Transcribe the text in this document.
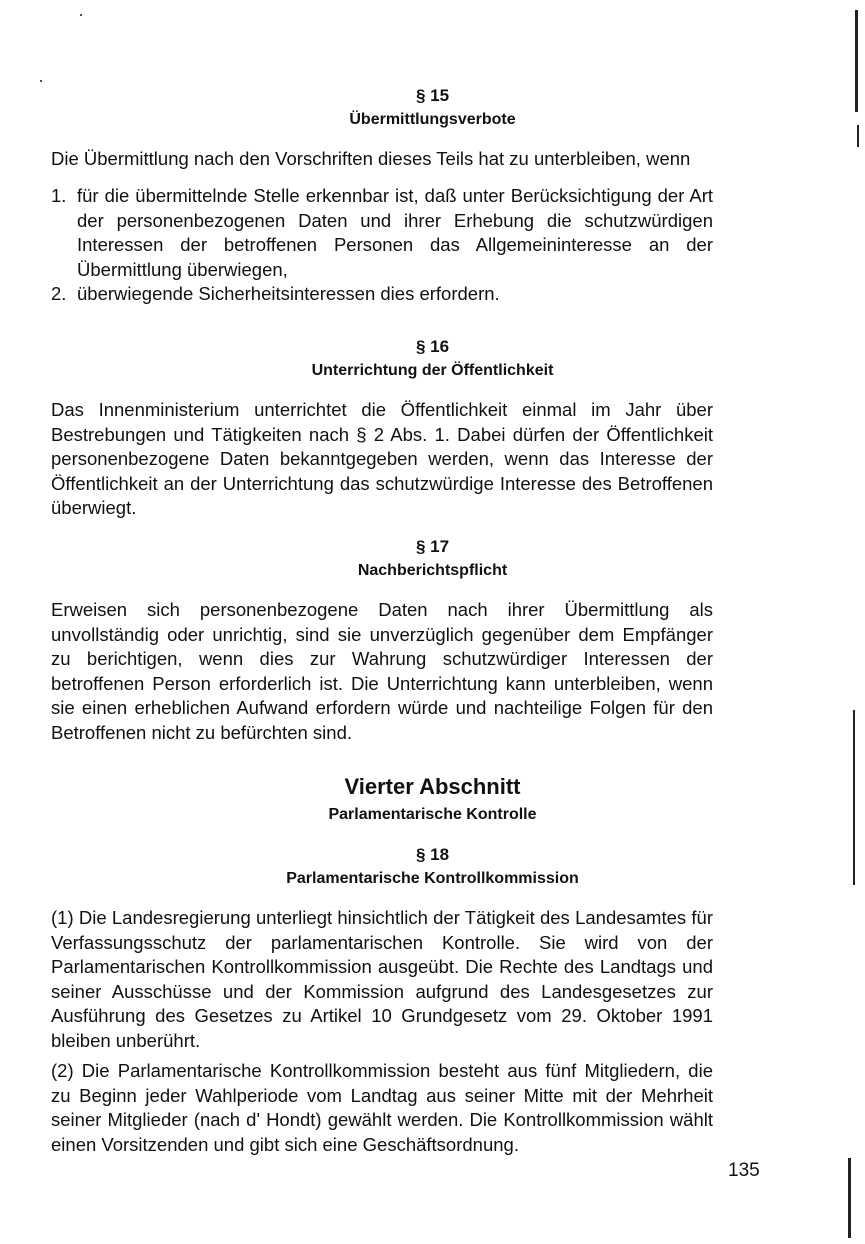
§ 15
Übermittlungsverbote

Die Übermittlung nach den Vorschriften dieses Teils hat zu unterbleiben, wenn

1. für die übermittelnde Stelle erkennbar ist, daß unter Berücksichtigung der Art der personenbezogenen Daten und ihrer Erhebung die schutzwürdigen Interessen der betroffenen Personen das Allgemeininteresse an der Übermittlung überwiegen,
2. überwiegende Sicherheitsinteressen dies erfordern.
§ 16
Unterrichtung der Öffentlichkeit

Das Innenministerium unterrichtet die Öffentlichkeit einmal im Jahr über Bestrebungen und Tätigkeiten nach § 2 Abs. 1. Dabei dürfen der Öffentlichkeit personenbezogene Daten bekanntgegeben werden, wenn das Interesse der Öffentlichkeit an der Unterrichtung das schutzwürdige Interesse des Betroffenen überwiegt.

§ 17
Nachberichtspflicht

Erweisen sich personenbezogene Daten nach ihrer Übermittlung als unvollständig oder unrichtig, sind sie unverzüglich gegenüber dem Empfänger zu berichtigen, wenn dies zur Wahrung schutzwürdiger Interessen der betroffenen Person erforderlich ist. Die Unterrichtung kann unterbleiben, wenn sie einen erheblichen Aufwand erfordern würde und nachteilige Folgen für den Betroffenen nicht zu befürchten sind.

Vierter Abschnitt
Parlamentarische Kontrolle
§ 18
Parlamentarische Kontrollkommission

(1) Die Landesregierung unterliegt hinsichtlich der Tätigkeit des Landesamtes für Verfassungsschutz der parlamentarischen Kontrolle. Sie wird von der Parlamentarischen Kontrollkommission ausgeübt. Die Rechte des Landtags und seiner Ausschüsse und der Kommission aufgrund des Landesgesetzes zur Ausführung des Gesetzes zu Artikel 10 Grundgesetz vom 29. Oktober 1991 bleiben unberührt.

(2) Die Parlamentarische Kontrollkommission besteht aus fünf Mitgliedern, die zu Beginn jeder Wahlperiode vom Landtag aus seiner Mitte mit der Mehrheit seiner Mitglieder (nach d' Hondt) gewählt werden. Die Kontrollkommission wählt einen Vorsitzenden und gibt sich eine Geschäftsordnung.

135
